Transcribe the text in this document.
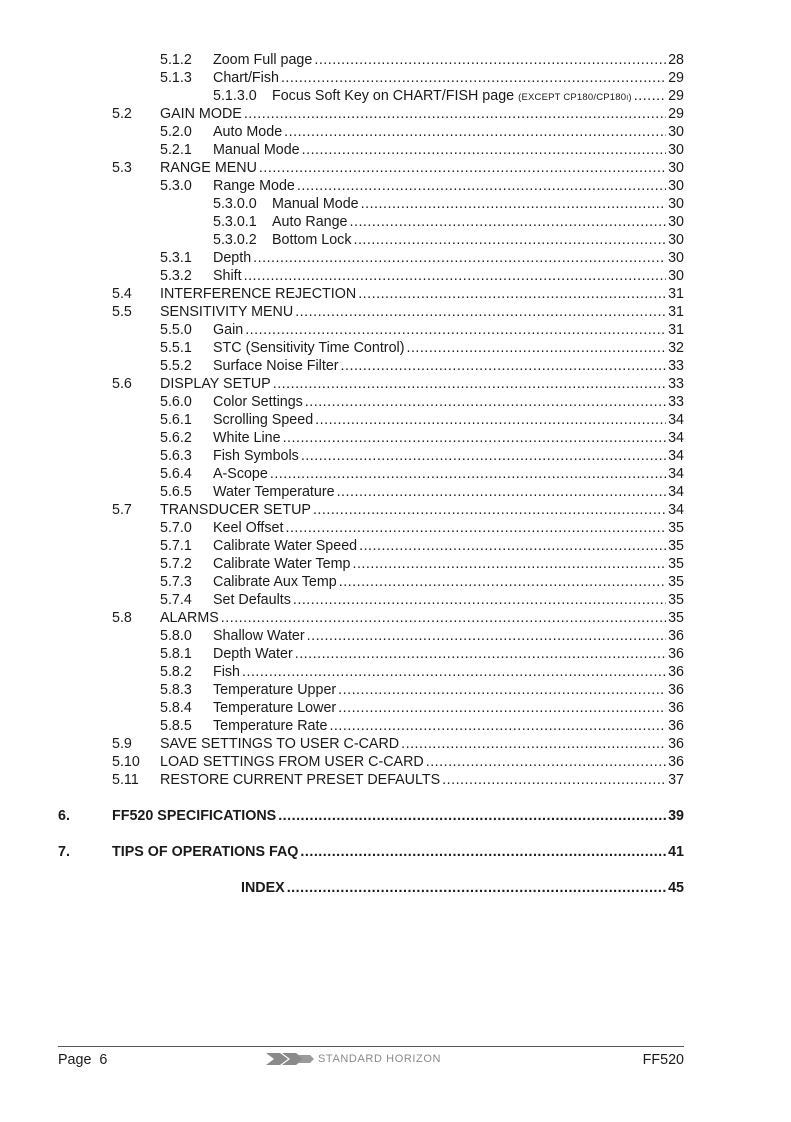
5.1.2	Zoom Full page .....	28
5.1.3	Chart/Fish .....	29
5.1.3.0	Focus Soft Key on CHART/FISH page
(EXCEPT CP180/CP180i) .....	29
5.2	GAIN MODE .....	29
5.2.0	Auto Mode .....	30
5.2.1	Manual Mode .....	30
5.3	RANGE MENU .....	30
5.3.0	Range Mode .....	30
5.3.0.0	Manual Mode .....	30
5.3.0.1	Auto Range .....	30
5.3.0.2	Bottom Lock .....	30
5.3.1	Depth .....	30
5.3.2	Shift .....	30
5.4	INTERFERENCE REJECTION .....	31
5.5	SENSITIVITY MENU .....	31
5.5.0	Gain .....	31
5.5.1	STC (Sensitivity Time Control) .....	32
5.5.2	Surface Noise Filter .....	33
5.6	DISPLAY SETUP .....	33
5.6.0	Color Settings .....	33
5.6.1	Scrolling Speed .....	34
5.6.2	White Line .....	34
5.6.3	Fish Symbols .....	34
5.6.4	A-Scope .....	34
5.6.5	Water Temperature .....	34
5.7	TRANSDUCER SETUP .....	34
5.7.0	Keel Offset .....	35
5.7.1	Calibrate Water Speed .....	35
5.7.2	Calibrate Water Temp .....	35
5.7.3	Calibrate Aux Temp .....	35
5.7.4	Set Defaults .....	35
5.8	ALARMS .....	35
5.8.0	Shallow Water .....	36
5.8.1	Depth Water .....	36
5.8.2	Fish .....	36
5.8.3	Temperature Upper .....	36
5.8.4	Temperature Lower .....	36
5.8.5	Temperature Rate .....	36
5.9	SAVE SETTINGS TO USER C-CARD .....	36
5.10	LOAD SETTINGS FROM USER C-CARD .....	36
5.11	RESTORE CURRENT PRESET DEFAULTS .....	37
6.	FF520 SPECIFICATIONS .....	39
7.	TIPS OF OPERATIONS FAQ .....	41
INDEX .....	45
Page 6	STANDARD HORIZON	FF520
